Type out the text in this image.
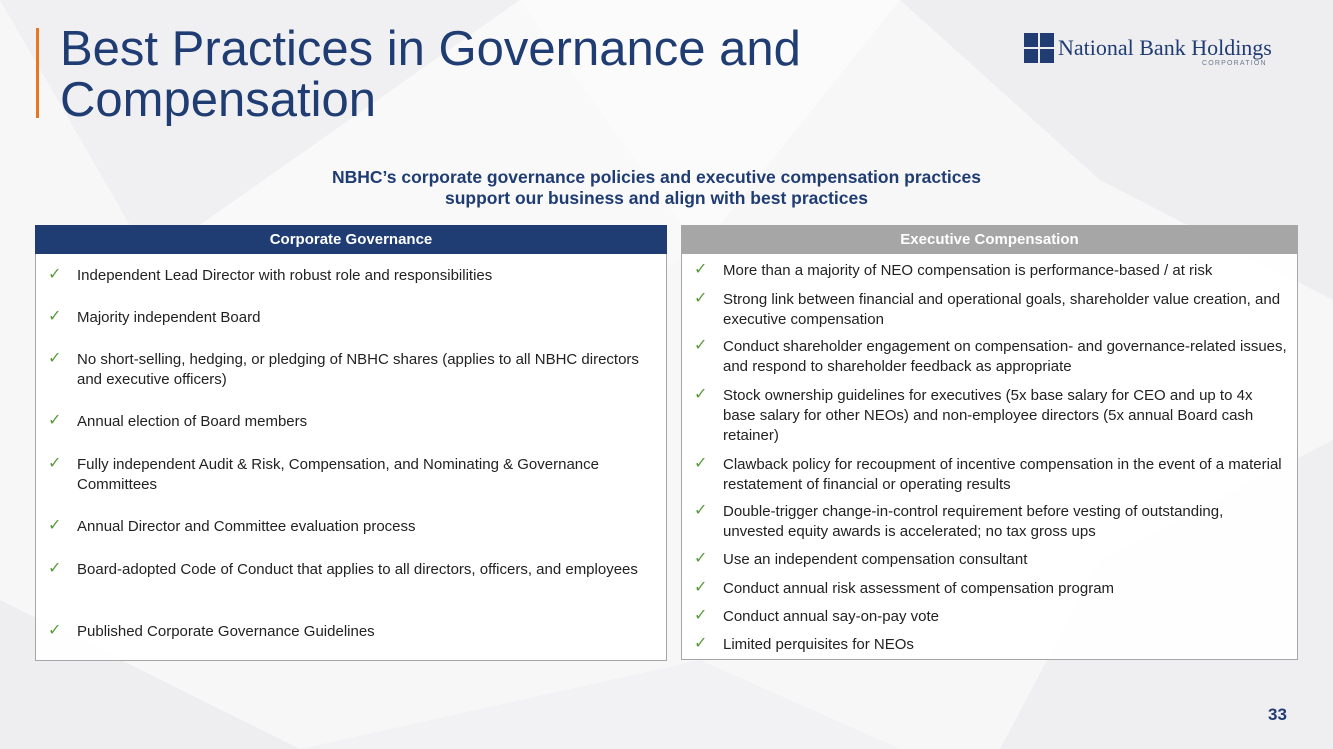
Best Practices in Governance and
Compensation
National Bank Holdings
CORPORATION
NBHC’s corporate governance policies and executive compensation practices
support our business and align with best practices
Corporate Governance
✓ Independent Lead Director with robust role and responsibilities
✓ Majority independent Board
✓ No short-selling, hedging, or pledging of NBHC shares (applies to all NBHC directors and executive officers)
✓ Annual election of Board members
✓ Fully independent Audit & Risk, Compensation, and Nominating & Governance Committees
✓ Annual Director and Committee evaluation process
✓ Board-adopted Code of Conduct that applies to all directors, officers, and employees
✓ Published Corporate Governance Guidelines
Executive Compensation
✓ More than a majority of NEO compensation is performance-based / at risk
✓ Strong link between financial and operational goals, shareholder value creation, and executive compensation
✓ Conduct shareholder engagement on compensation- and governance-related issues, and respond to shareholder feedback as appropriate
✓ Stock ownership guidelines for executives (5x base salary for CEO and up to 4x base salary for other NEOs) and non-employee directors (5x annual Board cash retainer)
✓ Clawback policy for recoupment of incentive compensation in the event of a material restatement of financial or operating results
✓ Double-trigger change-in-control requirement before vesting of outstanding, unvested equity awards is accelerated; no tax gross ups
✓ Use an independent compensation consultant
✓ Conduct annual risk assessment of compensation program
✓ Conduct annual say-on-pay vote
✓ Limited perquisites for NEOs
33
